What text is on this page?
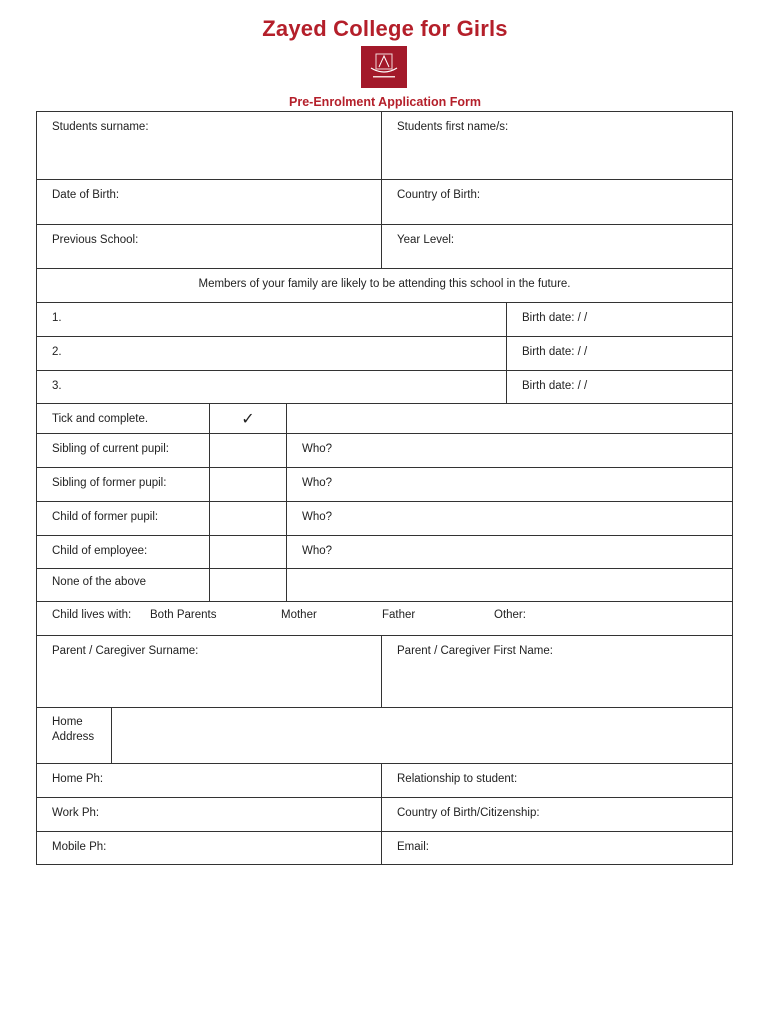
Zayed College for Girls
Pre-Enrolment Application Form
Students surname:	Students first name/s:
Date of Birth:	Country of Birth:
Previous School:	Year Level:
Members of your family are likely to be attending this school in the future.
1.	Birth date: / /
2.	Birth date: / /
3.	Birth date: / /
Tick and complete.	✓
Sibling of current pupil:	Who?
Sibling of former pupil:	Who?
Child of former pupil:	Who?
Child of employee:	Who?
None of the above
Child lives with: Both Parents	Mother	Father	Other:
Parent / Caregiver Surname:	Parent / Caregiver First Name:
Home
Address
Home Ph:	Relationship to student:
Work Ph:	Country of Birth/Citizenship:
Mobile Ph:	Email:
